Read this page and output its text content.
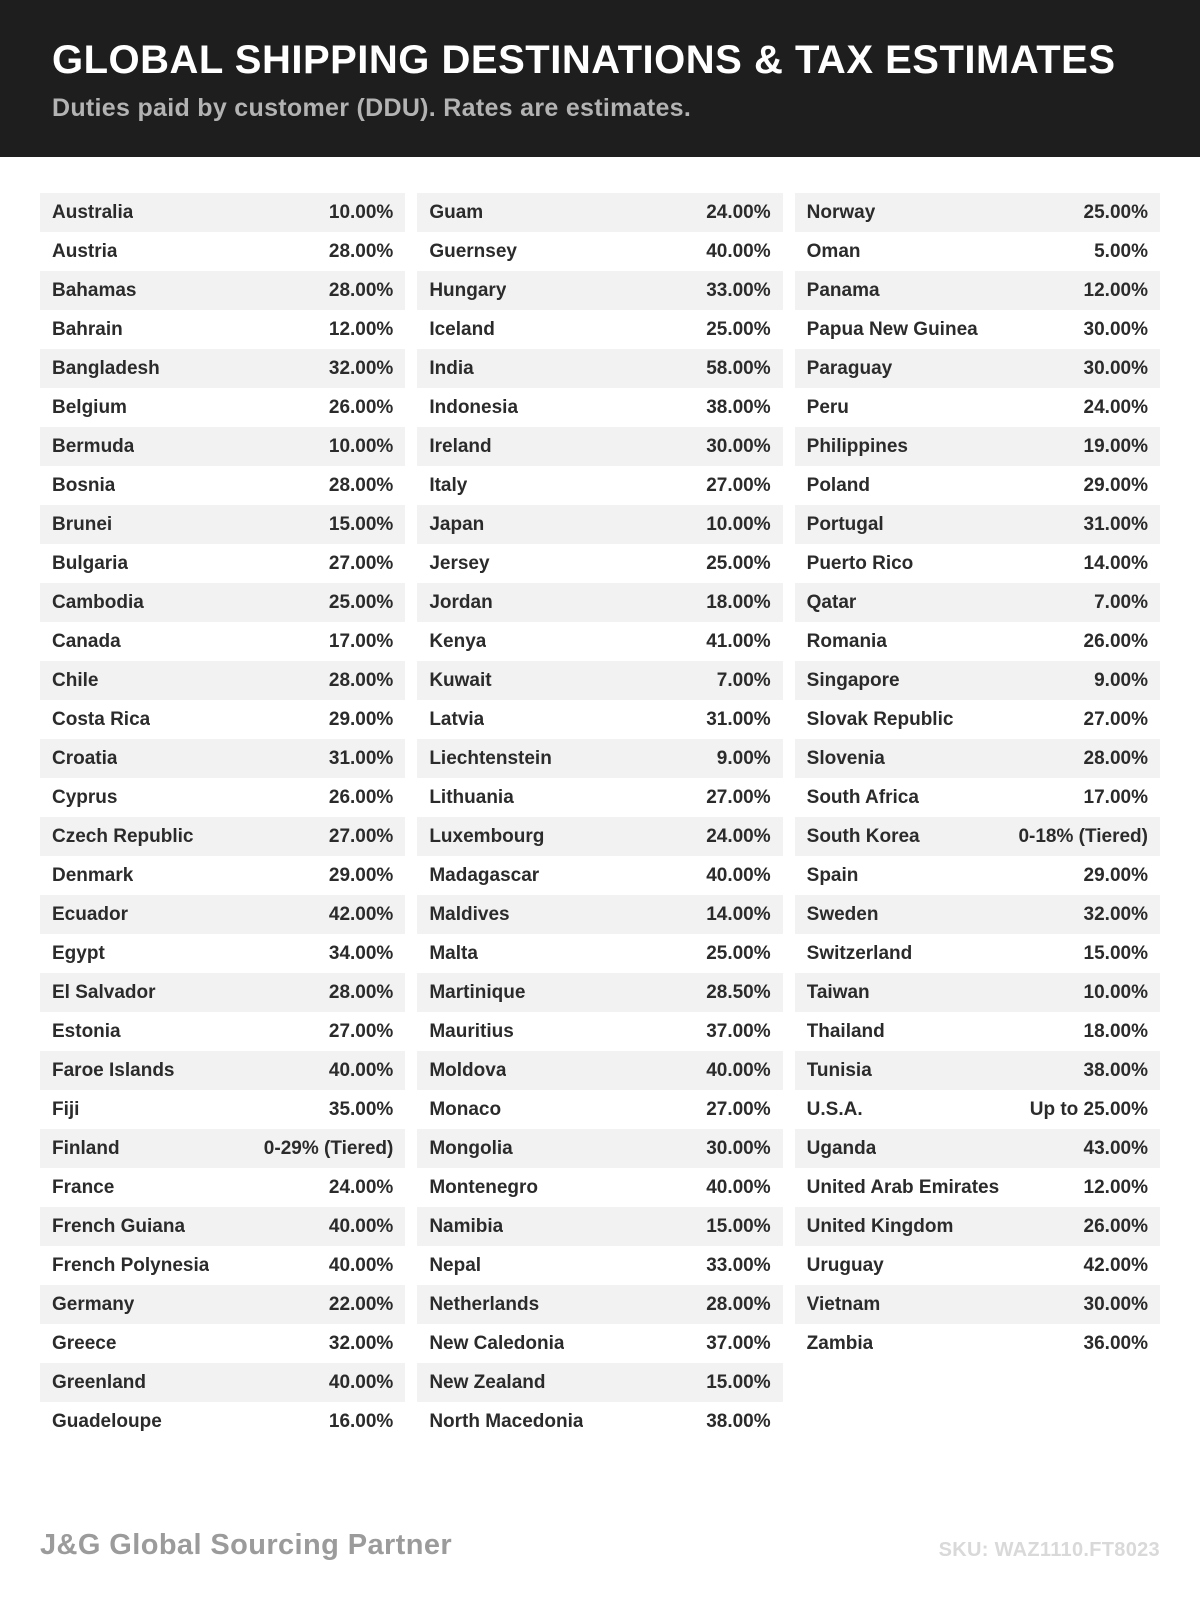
GLOBAL SHIPPING DESTINATIONS & TAX ESTIMATES
Duties paid by customer (DDU). Rates are estimates.
Australia	10.00%
Austria	28.00%
Bahamas	28.00%
Bahrain	12.00%
Bangladesh	32.00%
Belgium	26.00%
Bermuda	10.00%
Bosnia	28.00%
Brunei	15.00%
Bulgaria	27.00%
Cambodia	25.00%
Canada	17.00%
Chile	28.00%
Costa Rica	29.00%
Croatia	31.00%
Cyprus	26.00%
Czech Republic	27.00%
Denmark	29.00%
Ecuador	42.00%
Egypt	34.00%
El Salvador	28.00%
Estonia	27.00%
Faroe Islands	40.00%
Fiji	35.00%
Finland	0-29% (Tiered)
France	24.00%
French Guiana	40.00%
French Polynesia	40.00%
Germany	22.00%
Greece	32.00%
Greenland	40.00%
Guadeloupe	16.00%
Guam	24.00%
Guernsey	40.00%
Hungary	33.00%
Iceland	25.00%
India	58.00%
Indonesia	38.00%
Ireland	30.00%
Italy	27.00%
Japan	10.00%
Jersey	25.00%
Jordan	18.00%
Kenya	41.00%
Kuwait	7.00%
Latvia	31.00%
Liechtenstein	9.00%
Lithuania	27.00%
Luxembourg	24.00%
Madagascar	40.00%
Maldives	14.00%
Malta	25.00%
Martinique	28.50%
Mauritius	37.00%
Moldova	40.00%
Monaco	27.00%
Mongolia	30.00%
Montenegro	40.00%
Namibia	15.00%
Nepal	33.00%
Netherlands	28.00%
New Caledonia	37.00%
New Zealand	15.00%
North Macedonia	38.00%
Norway	25.00%
Oman	5.00%
Panama	12.00%
Papua New Guinea	30.00%
Paraguay	30.00%
Peru	24.00%
Philippines	19.00%
Poland	29.00%
Portugal	31.00%
Puerto Rico	14.00%
Qatar	7.00%
Romania	26.00%
Singapore	9.00%
Slovak Republic	27.00%
Slovenia	28.00%
South Africa	17.00%
South Korea	0-18% (Tiered)
Spain	29.00%
Sweden	32.00%
Switzerland	15.00%
Taiwan	10.00%
Thailand	18.00%
Tunisia	38.00%
U.S.A.	Up to 25.00%
Uganda	43.00%
United Arab Emirates	12.00%
United Kingdom	26.00%
Uruguay	42.00%
Vietnam	30.00%
Zambia	36.00%
J&G Global Sourcing Partner	SKU: WAZ1110.FT8023
